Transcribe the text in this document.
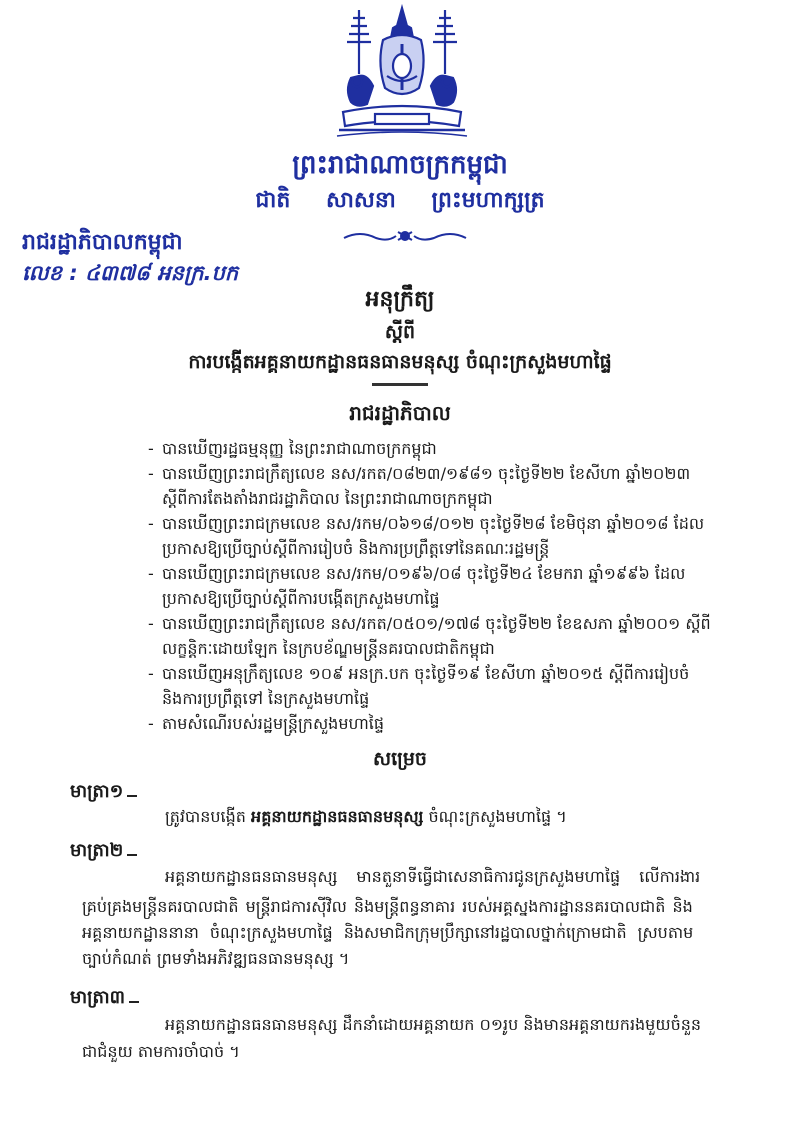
ព្រះរាជាណាចក្រកម្ពុជា
ជាតិ សាសនា ព្រះមហាក្សត្រ
រាជរដ្ឋាភិបាលកម្ពុជា
លេខ : ៤៣៧៨ អនក្រ.បក
អនុក្រឹត្យ
ស្តីពី
ការបង្កើតអគ្គនាយកដ្ឋានធនធានមនុស្ស ចំណុះក្រសួងមហាផ្ទៃ
រាជរដ្ឋាភិបាល
- បានឃើញរដ្ឋធម្មនុញ្ញ នៃព្រះរាជាណាចក្រកម្ពុជា
- បានឃើញព្រះរាជក្រឹត្យលេខ នស/រកត/០៨២៣/១៩៨១ ចុះថ្ងៃទី២២ ខែសីហា ឆ្នាំ២០២៣
ស្តីពីការតែងតាំងរាជរដ្ឋាភិបាល នៃព្រះរាជាណាចក្រកម្ពុជា
- បានឃើញព្រះរាជក្រមលេខ នស/រកម/០៦១៨/០១២ ចុះថ្ងៃទី២៨ ខែមិថុនា ឆ្នាំ២០១៨ ដែល
ប្រកាសឱ្យប្រើច្បាប់ស្តីពីការរៀបចំ និងការប្រព្រឹត្តទៅនៃគណៈរដ្ឋមន្ត្រី
- បានឃើញព្រះរាជក្រមលេខ នស/រកម/០១៩៦/០៨ ចុះថ្ងៃទី២៤ ខែមករា ឆ្នាំ១៩៩៦ ដែល
ប្រកាសឱ្យប្រើច្បាប់ស្តីពីការបង្កើតក្រសួងមហាផ្ទៃ
- បានឃើញព្រះរាជក្រឹត្យលេខ នស/រកត/០៥០១/១៧៨ ចុះថ្ងៃទី២២ ខែឧសភា ឆ្នាំ២០០១ ស្តីពី
លក្ខន្តិកៈដោយឡែក នៃក្របខ័ណ្ឌមន្ត្រីនគរបាលជាតិកម្ពុជា
- បានឃើញអនុក្រឹត្យលេខ ១០៩ អនក្រ.បក ចុះថ្ងៃទី១៩ ខែសីហា ឆ្នាំ២០១៥ ស្តីពីការរៀបចំ
និងការប្រព្រឹត្តទៅ នៃក្រសួងមហាផ្ទៃ
- តាមសំណើរបស់រដ្ឋមន្ត្រីក្រសួងមហាផ្ទៃ
សម្រេច
មាត្រា១
ត្រូវបានបង្កើត អគ្គនាយកដ្ឋានធនធានមនុស្ស ចំណុះក្រសួងមហាផ្ទៃ ។
មាត្រា២
អគ្គនាយកដ្ឋានធនធានមនុស្ស មានតួនាទីធ្វើជាសេនាធិការជូនក្រសួងមហាផ្ទៃ លើការងារ
គ្រប់គ្រងមន្ត្រីនគរបាលជាតិ មន្ត្រីរាជការស៊ីវិល និងមន្ត្រីពន្ធនាគារ របស់អគ្គស្នងការដ្ឋាននគរបាលជាតិ និង
អគ្គនាយកដ្ឋាននានា ចំណុះក្រសួងមហាផ្ទៃ និងសមាជិកក្រុមប្រឹក្សានៅរដ្ឋបាលថ្នាក់ក្រោមជាតិ ស្របតាម
ច្បាប់កំណត់ ព្រមទាំងអភិវឌ្ឍធនធានមនុស្ស ។
មាត្រា៣
អគ្គនាយកដ្ឋានធនធានមនុស្ស ដឹកនាំដោយអគ្គនាយក ០១រូប និងមានអគ្គនាយករងមួយចំនួន
ជាជំនួយ តាមការចាំបាច់ ។
